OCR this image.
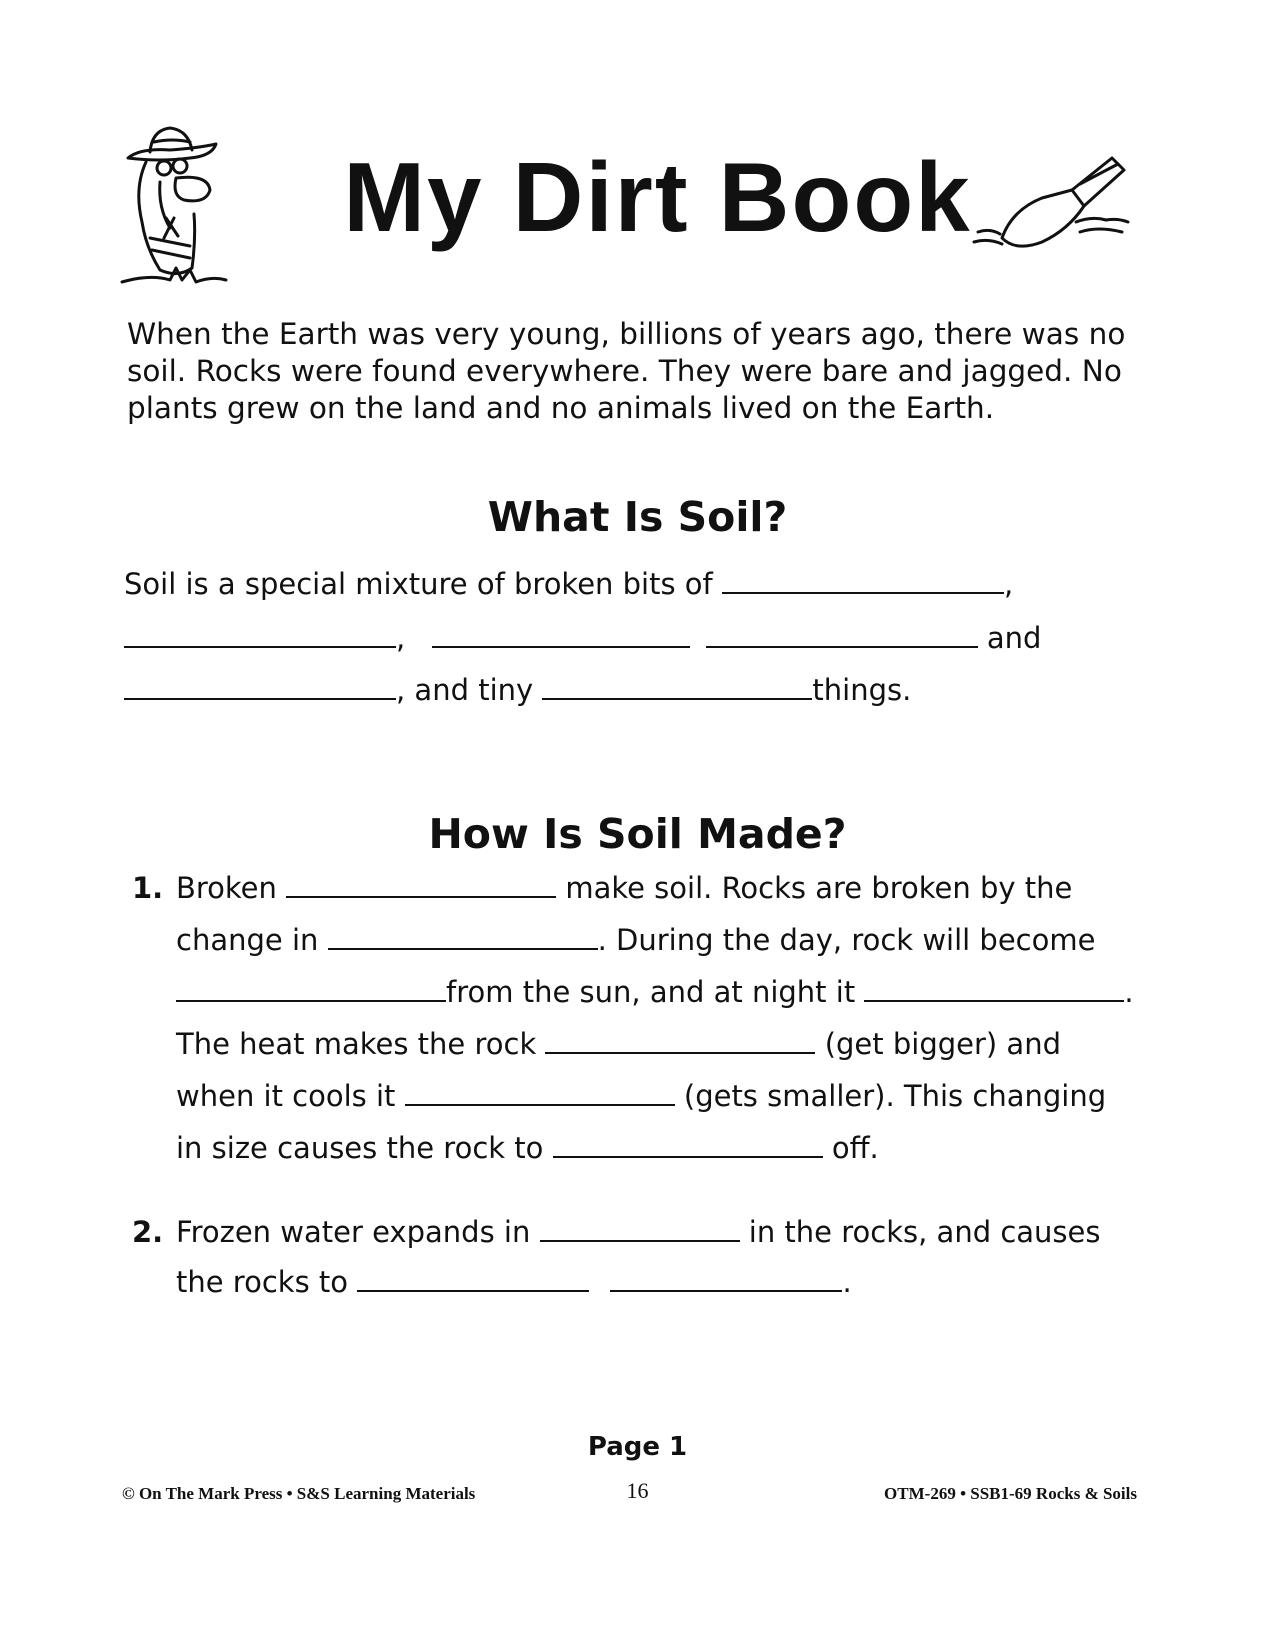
My Dirt Book

When the Earth was very young, billions of years ago, there was no soil. Rocks were found everywhere. They were bare and jagged. No plants grew on the land and no animals lived on the Earth.

What Is Soil?
Soil is a special mixture of broken bits of	,
,	and
, and tiny	things.
How Is Soil Made?
1. Broken	make soil. Rocks are broken by the
change in	. During the day, rock will become
from the sun, and at night it	.
The heat makes the rock	(get bigger) and
when it cools it	(gets smaller). This changing
in size causes the rock to	off.
2. Frozen water expands in	in the rocks, and causes
the rocks to	.

Page 1

© On The Mark Press • S&S Learning Materials	16	OTM-269 • SSB1-69 Rocks & Soils
